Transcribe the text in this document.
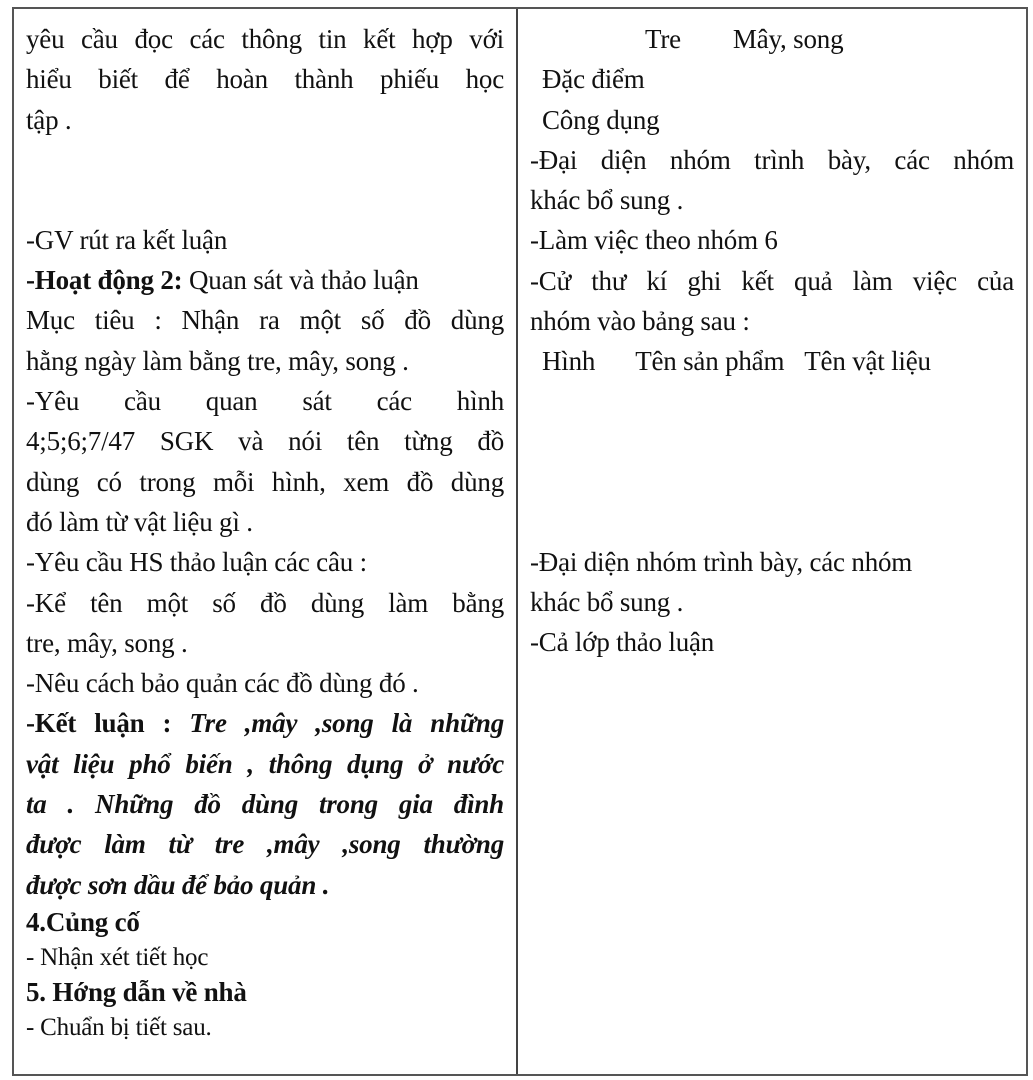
yêu cầu đọc các thông tin kết hợp với
hiểu biết để hoàn thành phiếu học
tập .
-GV rút ra kết luận
-Hoạt động 2: Quan sát và thảo luận
Mục tiêu : Nhận ra một số đồ dùng
hằng ngày làm bằng tre, mây, song .
-Yêu cầu quan sát các hình
4;5;6;7/47 SGK và nói tên từng đồ
dùng có trong mỗi hình, xem đồ dùng
đó làm từ vật liệu gì .
-Yêu cầu HS thảo luận các câu :
-Kể tên một số đồ dùng làm bằng
tre, mây, song .
-Nêu cách bảo quản các đồ dùng đó .
-Kết luận : Tre ,mây ,song là những
vật liệu phổ biến , thông dụng ở nước
ta . Những đồ dùng trong gia đình
được làm từ tre ,mây ,song thường
được sơn dầu để bảo quản .
4.Củng cố
- Nhận xét tiết học
5. Hớng dẫn về nhà
- Chuẩn bị tiết sau.
Tre Mây, song
Đặc điểm
Công dụng
-Đại diện nhóm trình bày, các nhóm
khác bổ sung .
-Làm việc theo nhóm 6
-Cử thư kí ghi kết quả làm việc của
nhóm vào bảng sau :
Hình Tên sản phẩm Tên vật liệu
-Đại diện nhóm trình bày, các nhóm
khác bổ sung .
-Cả lớp thảo luận
